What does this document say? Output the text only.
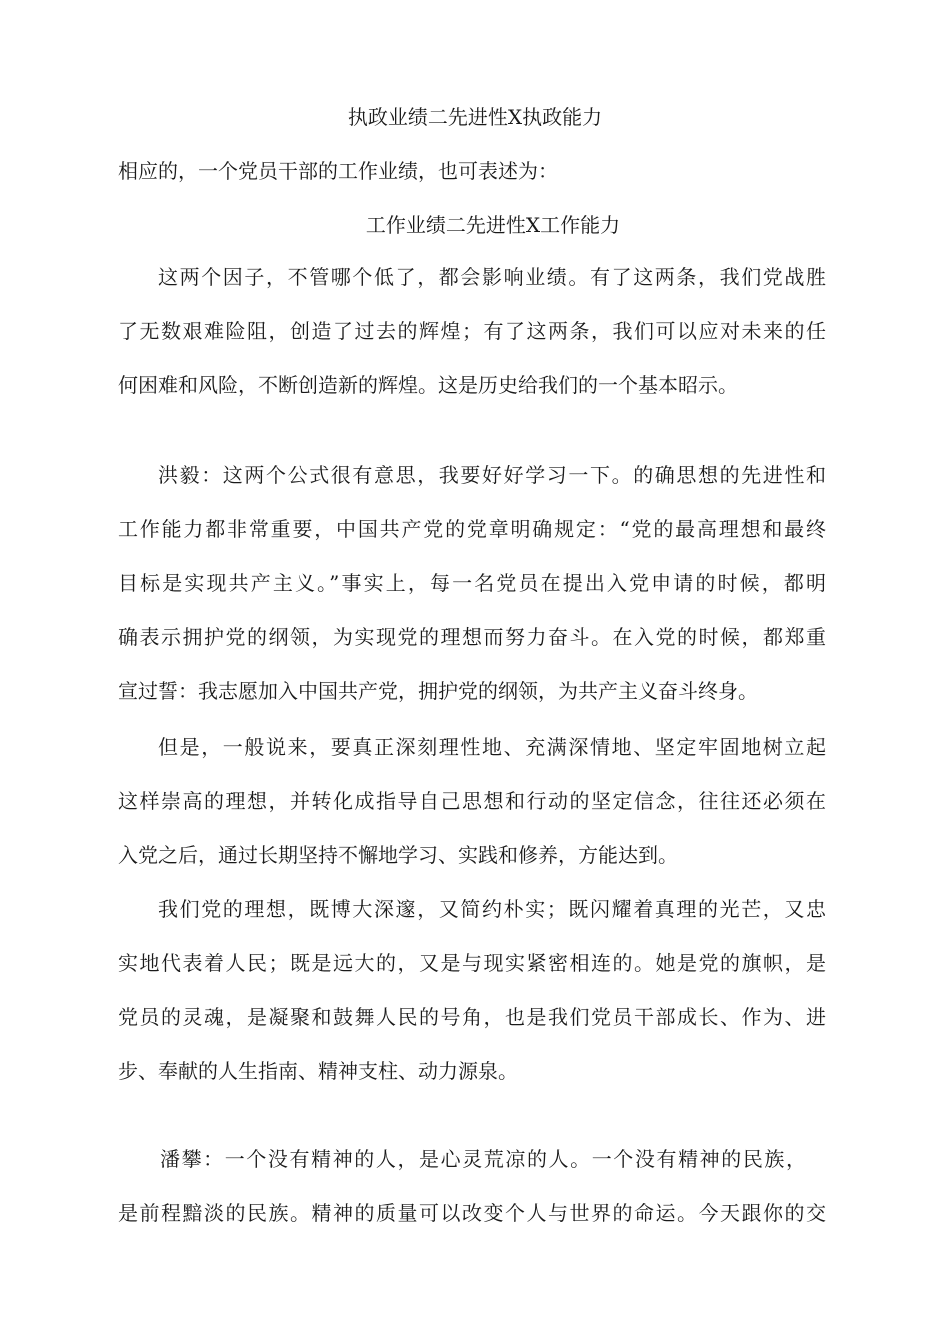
执政业绩二先进性X执政能力
相应的，一个党员干部的工作业绩，也可表述为：
工作业绩二先进性X工作能力
这两个因子，不管哪个低了，都会影响业绩。有了这两条，我们党战胜
了无数艰难险阻，创造了过去的辉煌；有了这两条，我们可以应对未来的任
何困难和风险，不断创造新的辉煌。这是历史给我们的一个基本昭示。
洪毅：这两个公式很有意思，我要好好学习一下。的确思想的先进性和
工作能力都非常重要，中国共产党的党章明确规定：“党的最高理想和最终
目标是实现共产主义。”事实上，每一名党员在提出入党申请的时候，都明
确表示拥护党的纲领，为实现党的理想而努力奋斗。在入党的时候，都郑重
宣过誓：我志愿加入中国共产党，拥护党的纲领，为共产主义奋斗终身。
但是，一般说来，要真正深刻理性地、充满深情地、坚定牢固地树立起
这样崇高的理想，并转化成指导自己思想和行动的坚定信念，往往还必须在
入党之后，通过长期坚持不懈地学习、实践和修养，方能达到。
我们党的理想，既博大深邃，又简约朴实；既闪耀着真理的光芒，又忠
实地代表着人民；既是远大的，又是与现实紧密相连的。她是党的旗帜，是
党员的灵魂，是凝聚和鼓舞人民的号角，也是我们党员干部成长、作为、进
步、奉献的人生指南、精神支柱、动力源泉。
潘攀：一个没有精神的人，是心灵荒凉的人。一个没有精神的民族，
是前程黯淡的民族。精神的质量可以改变个人与世界的命运。今天跟你的交
